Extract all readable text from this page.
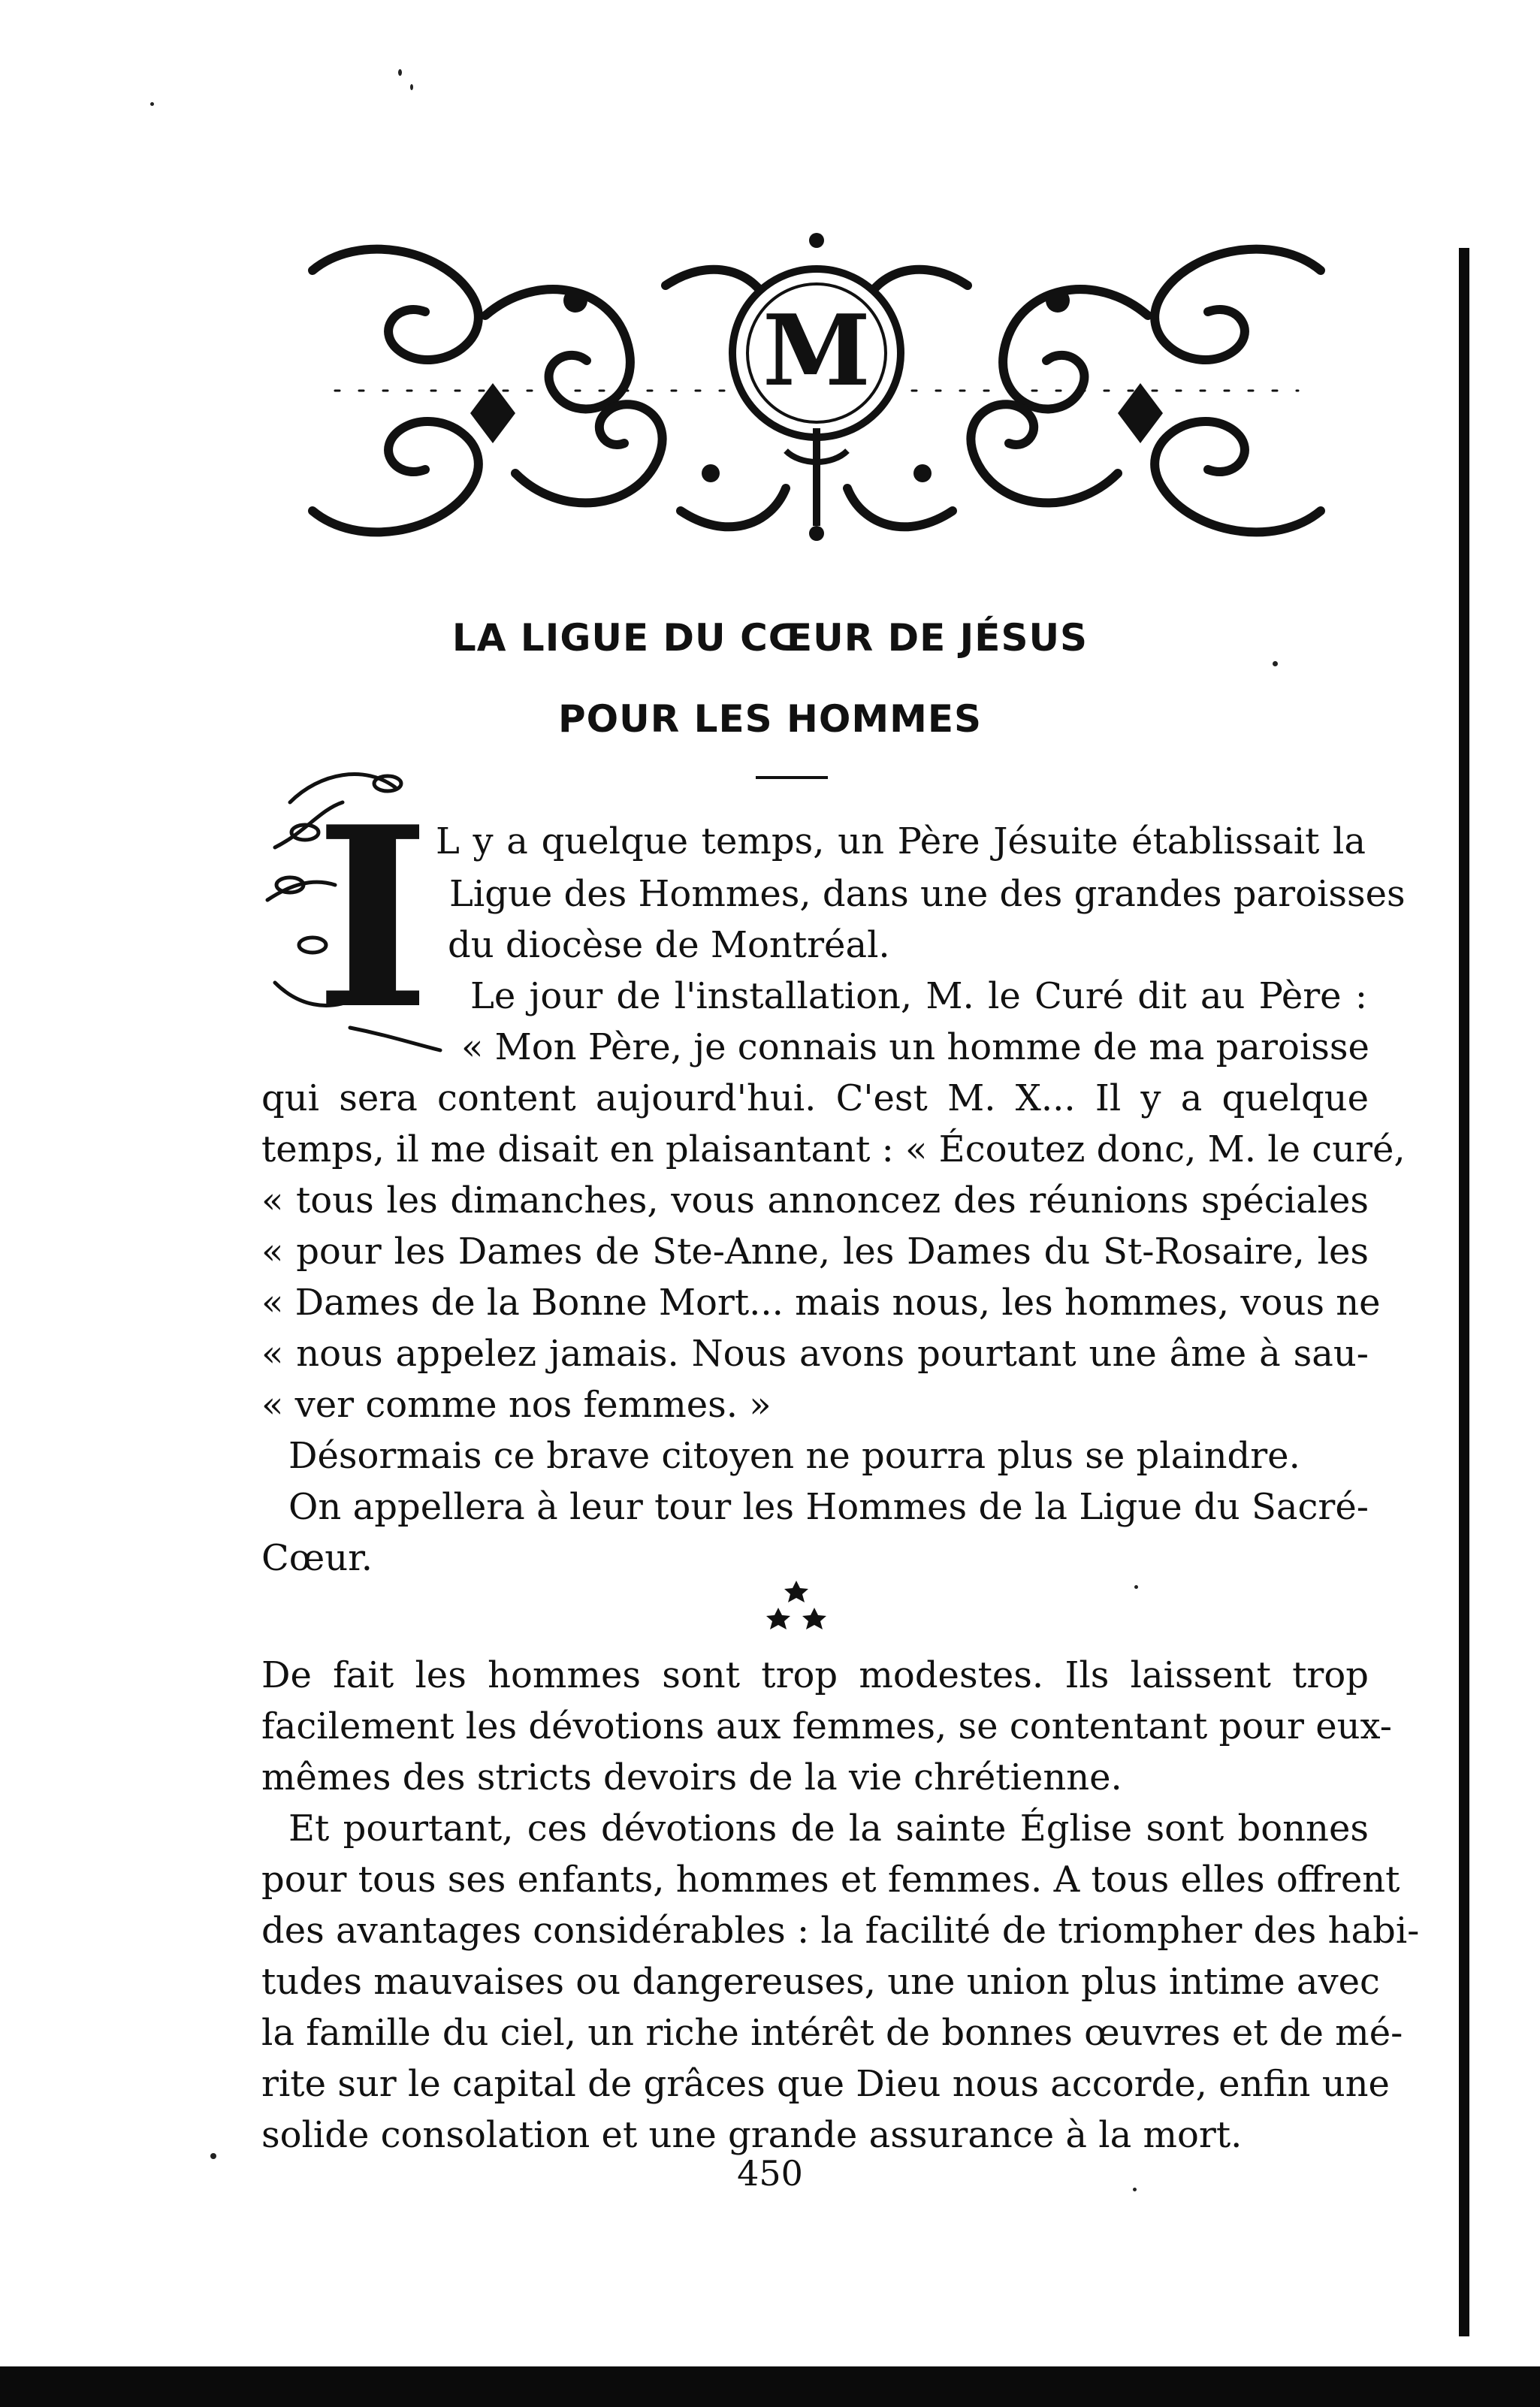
M
LA LIGUE DU CŒUR DE JÉSUS
POUR LES HOMMES
I L y a quelque temps, un Père Jésuite établissait la
Ligue des Hommes, dans une des grandes paroisses
du diocèse de Montréal.
Le jour de l'installation, M. le Curé dit au Père :
« Mon Père, je connais un homme de ma paroisse
qui sera content aujourd'hui. C'est M. X... Il y a quelque
temps, il me disait en plaisantant : « Écoutez donc, M. le curé,
« tous les dimanches, vous annoncez des réunions spéciales
« pour les Dames de Ste-Anne, les Dames du St-Rosaire, les
« Dames de la Bonne Mort... mais nous, les hommes, vous ne
« nous appelez jamais. Nous avons pourtant une âme à sau-
« ver comme nos femmes. »
Désormais ce brave citoyen ne pourra plus se plaindre.
On appellera à leur tour les Hommes de la Ligue du Sacré-
Cœur.
De fait les hommes sont trop modestes. Ils laissent trop
facilement les dévotions aux femmes, se contentant pour eux-
mêmes des stricts devoirs de la vie chrétienne.
Et pourtant, ces dévotions de la sainte Église sont bonnes
pour tous ses enfants, hommes et femmes. A tous elles offrent
des avantages considérables : la facilité de triompher des habi-
tudes mauvaises ou dangereuses, une union plus intime avec
la famille du ciel, un riche intérêt de bonnes œuvres et de mé-
rite sur le capital de grâces que Dieu nous accorde, enfin une
solide consolation et une grande assurance à la mort.
450
